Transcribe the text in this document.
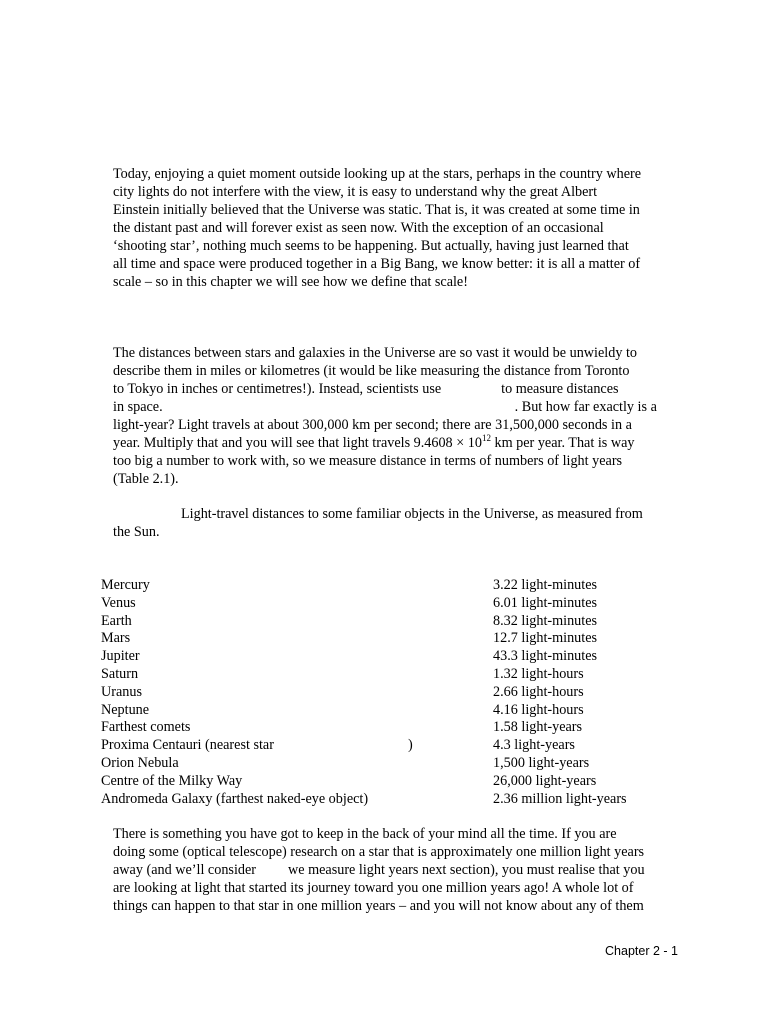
Today, enjoying a quiet moment outside looking up at the stars, perhaps in the country where
city lights do not interfere with the view, it is easy to understand why the great Albert
Einstein initially believed that the Universe was static. That is, it was created at some time in
the distant past and will forever exist as seen now. With the exception of an occasional
‘shooting star’, nothing much seems to be happening. But actually, having just learned that
all time and space were produced together in a Big Bang, we know better: it is all a matter of
scale – so in this chapter we will see how we define that scale!
The distances between stars and galaxies in the Universe are so vast it would be unwieldy to
describe them in miles or kilometres (it would be like measuring the distance from Toronto
to Tokyo in inches or centimetres!). Instead, scientists use	to measure distances
in space.	. But how far exactly is a
light-year? Light travels at about 300,000 km per second; there are 31,500,000 seconds in a
year. Multiply that and you will see that light travels $9.4608 \times 10^{12}$ km per year. That is way
too big a number to work with, so we measure distance in terms of numbers of light years
(Table 2.1).
Light-travel distances to some familiar objects in the Universe, as measured from
the Sun.
Mercury	3.22 light-minutes
Venus	6.01 light-minutes
Earth	8.32 light-minutes
Mars	12.7 light-minutes
Jupiter	43.3 light-minutes
Saturn	1.32 light-hours
Uranus	2.66 light-hours
Neptune	4.16 light-hours
Farthest comets	1.58 light-years
Proxima Centauri (nearest star )	4.3 light-years
Orion Nebula	1,500 light-years
Centre of the Milky Way	26,000 light-years
Andromeda Galaxy (farthest naked-eye object)	2.36 million light-years
There is something you have got to keep in the back of your mind all the time. If you are
doing some (optical telescope) research on a star that is approximately one million light years
away (and we’ll consider we measure light years next section), you must realise that you
are looking at light that started its journey toward you one million years ago! A whole lot of
things can happen to that star in one million years – and you will not know about any of them
Chapter 2 - 1
